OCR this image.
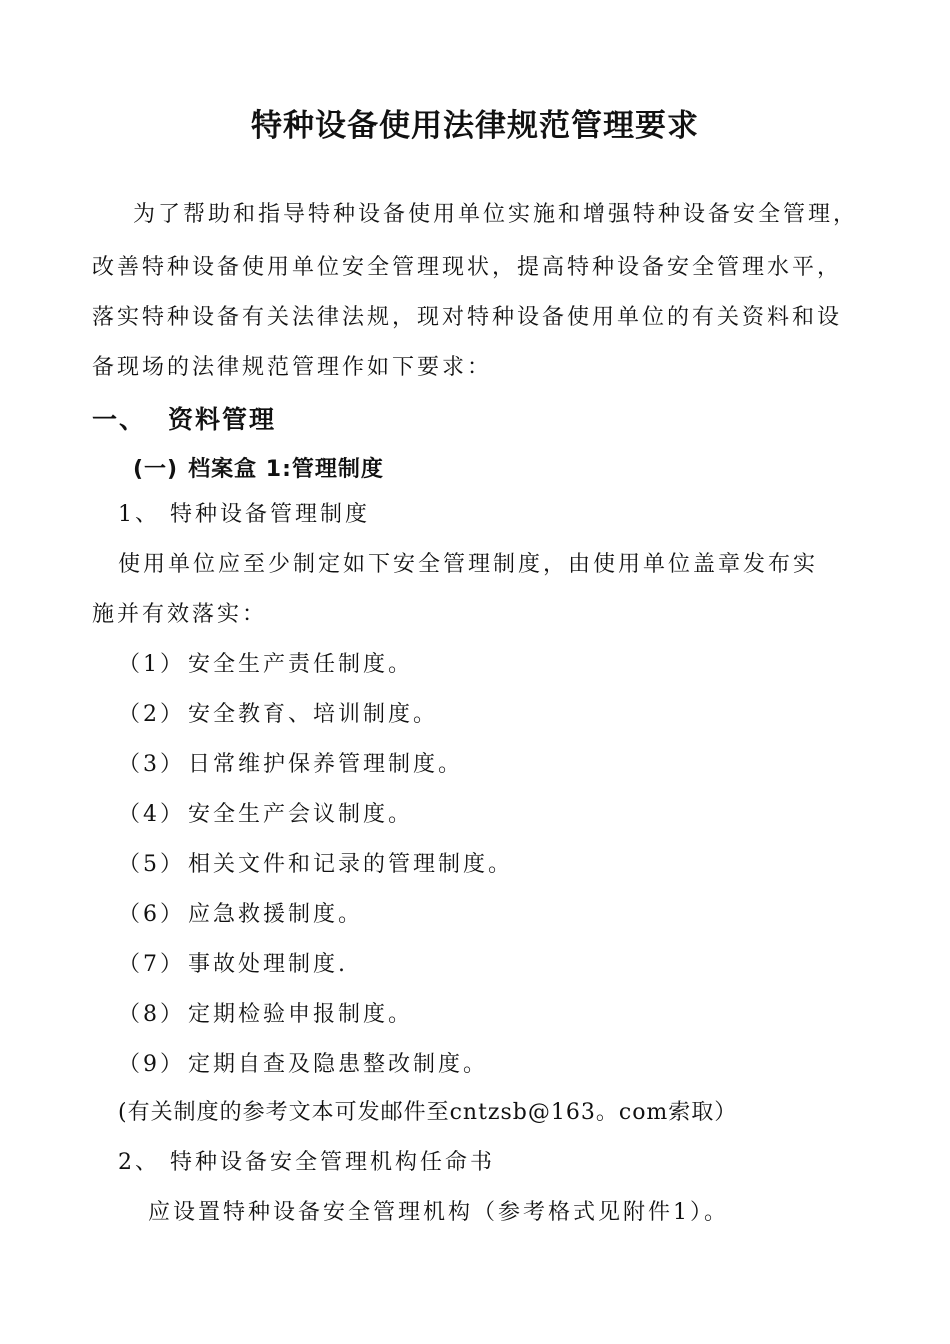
特种设备使用法律规范管理要求
为了帮助和指导特种设备使用单位实施和增强特种设备安全管理，
改善特种设备使用单位安全管理现状，提高特种设备安全管理水平，
落实特种设备有关法律法规，现对特种设备使用单位的有关资料和设
备现场的法律规范管理作如下要求：
一、 资料管理
(一) 档案盒 1:管理制度
1、 特种设备管理制度
使用单位应至少制定如下安全管理制度，由使用单位盖章发布实
施并有效落实：
（1） 安全生产责任制度。
（2） 安全教育、培训制度。
（3） 日常维护保养管理制度。
（4） 安全生产会议制度。
（5） 相关文件和记录的管理制度。
（6） 应急救援制度。
（7） 事故处理制度.
（8） 定期检验申报制度。
（9） 定期自查及隐患整改制度。
(有关制度的参考文本可发邮件至cntzsb@163。com索取）
2、 特种设备安全管理机构任命书
应设置特种设备安全管理机构（参考格式见附件1）。
